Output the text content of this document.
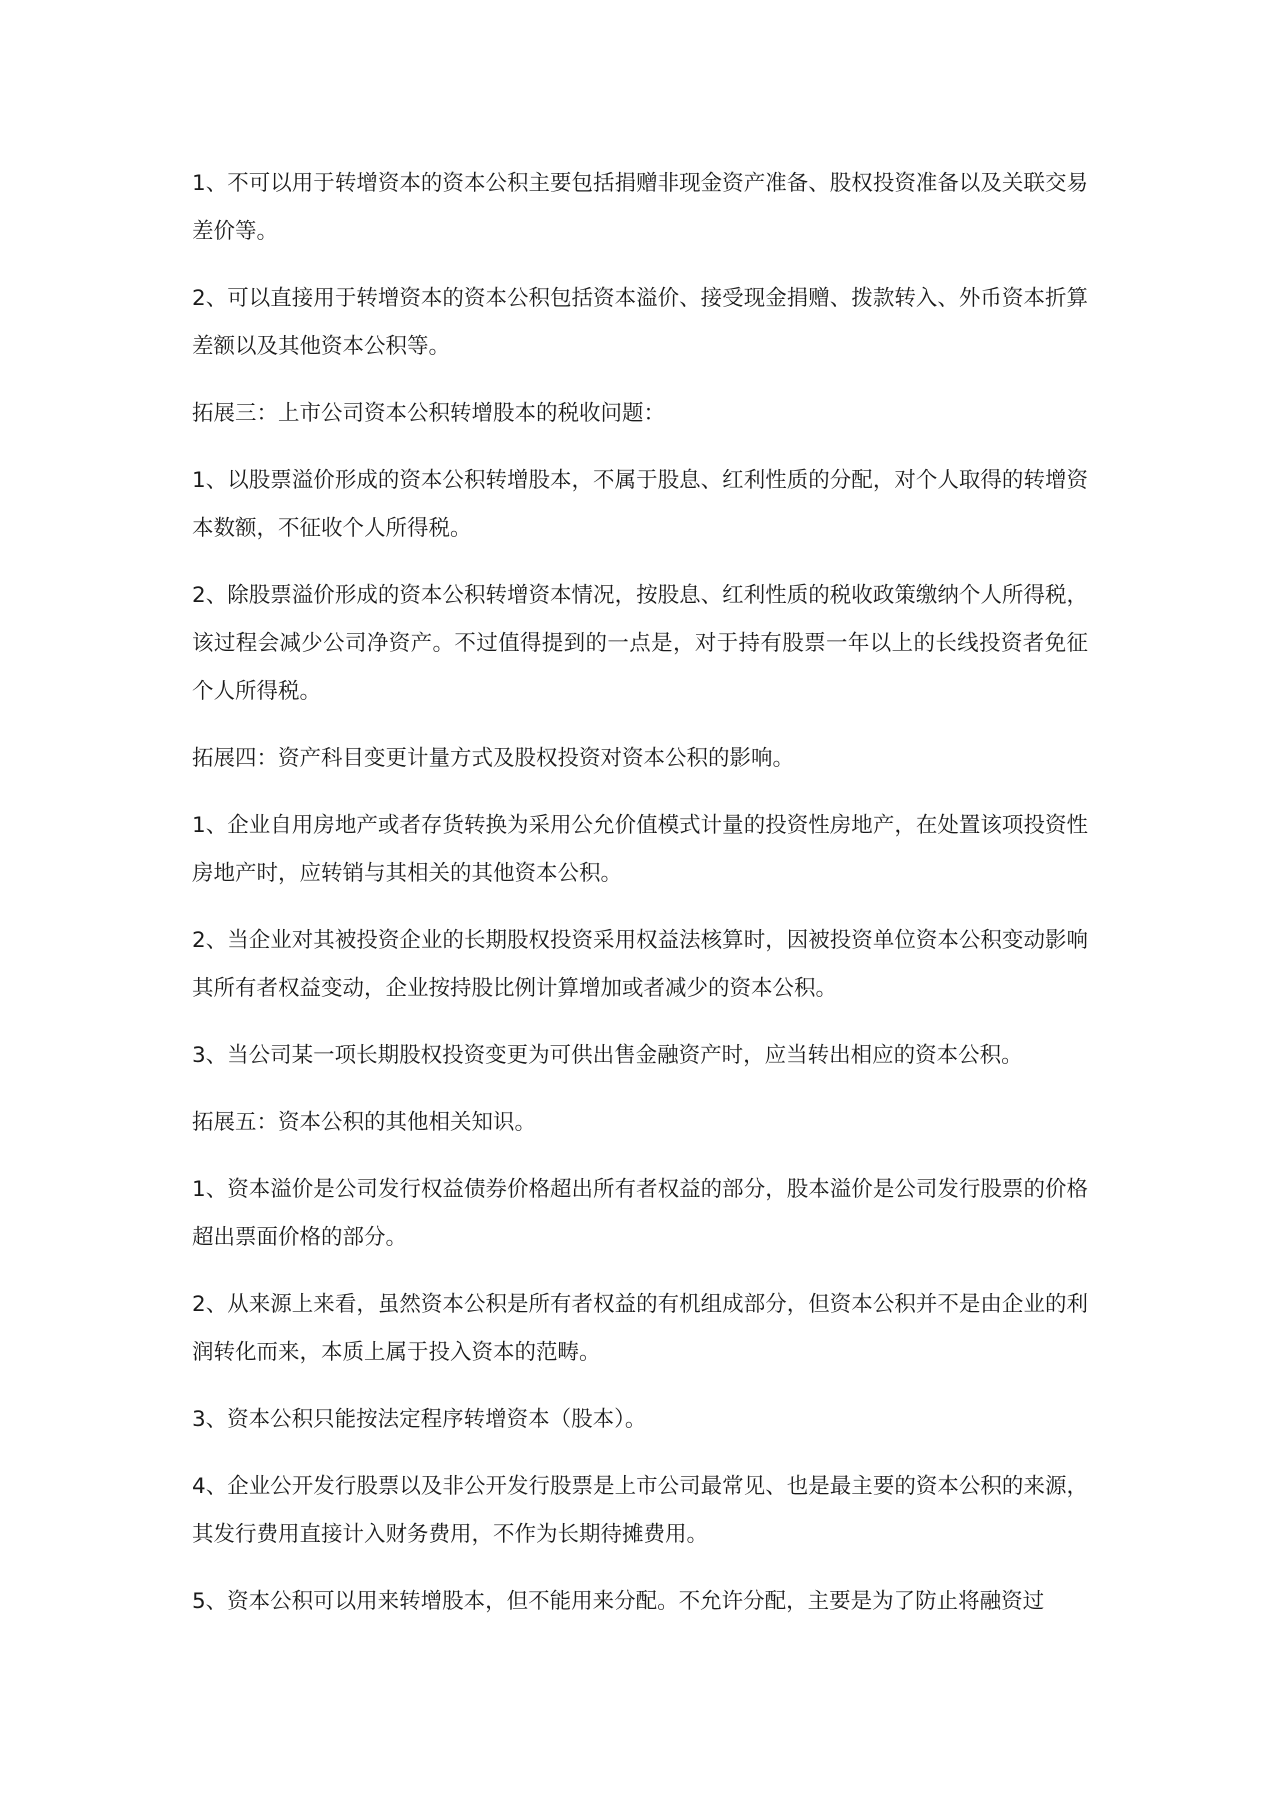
1、不可以用于转增资本的资本公积主要包括捐赠非现金资产准备、股权投资准备以及关联交易差价等。

2、可以直接用于转增资本的资本公积包括资本溢价、接受现金捐赠、拨款转入、外币资本折算差额以及其他资本公积等。

拓展三：上市公司资本公积转增股本的税收问题：

1、以股票溢价形成的资本公积转增股本，不属于股息、红利性质的分配，对个人取得的转增资本数额，不征收个人所得税。

2、除股票溢价形成的资本公积转增资本情况，按股息、红利性质的税收政策缴纳个人所得税，该过程会减少公司净资产。不过值得提到的一点是，对于持有股票一年以上的长线投资者免征个人所得税。

拓展四：资产科目变更计量方式及股权投资对资本公积的影响。

1、企业自用房地产或者存货转换为采用公允价值模式计量的投资性房地产，在处置该项投资性房地产时，应转销与其相关的其他资本公积。

2、当企业对其被投资企业的长期股权投资采用权益法核算时，因被投资单位资本公积变动影响其所有者权益变动，企业按持股比例计算增加或者减少的资本公积。

3、当公司某一项长期股权投资变更为可供出售金融资产时，应当转出相应的资本公积。

拓展五：资本公积的其他相关知识。

1、资本溢价是公司发行权益债券价格超出所有者权益的部分，股本溢价是公司发行股票的价格超出票面价格的部分。

2、从来源上来看，虽然资本公积是所有者权益的有机组成部分，但资本公积并不是由企业的利润转化而来，本质上属于投入资本的范畴。

3、资本公积只能按法定程序转增资本（股本）。

4、企业公开发行股票以及非公开发行股票是上市公司最常见、也是最主要的资本公积的来源，其发行费用直接计入财务费用，不作为长期待摊费用。

5、资本公积可以用来转增股本，但不能用来分配。不允许分配，主要是为了防止将融资过
